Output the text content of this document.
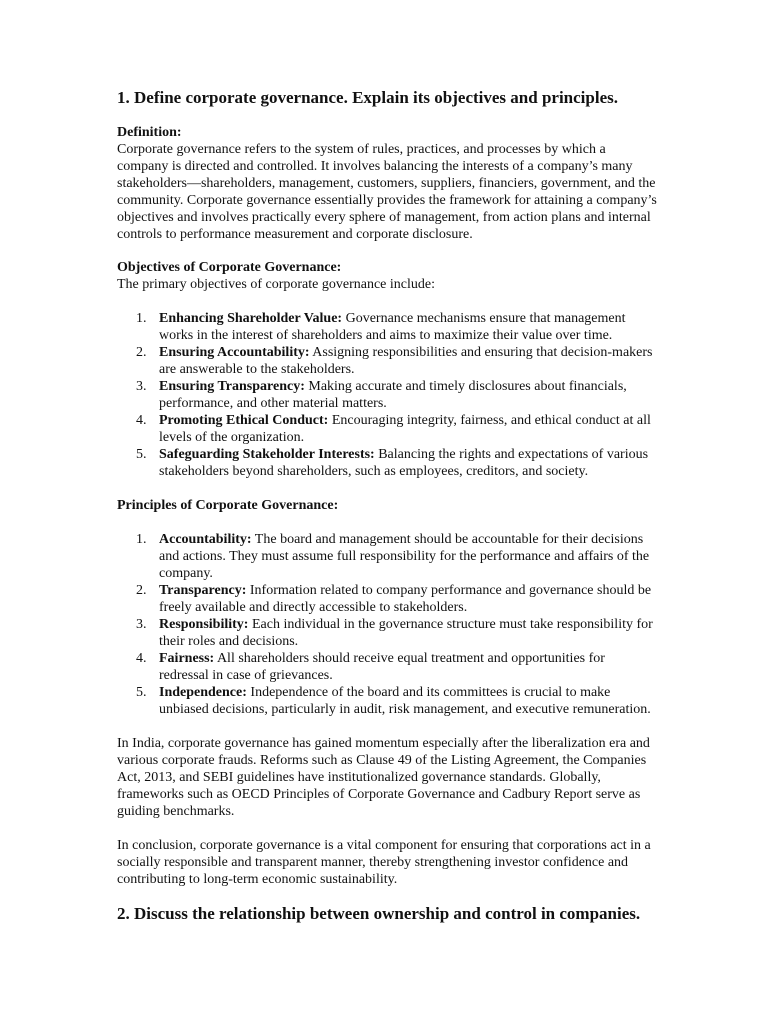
1. Define corporate governance. Explain its objectives and principles.

Definition:

Corporate governance refers to the system of rules, practices, and processes by which a company is directed and controlled. It involves balancing the interests of a company’s many stakeholders—shareholders, management, customers, suppliers, financiers, government, and the community. Corporate governance essentially provides the framework for attaining a company’s objectives and involves practically every sphere of management, from action plans and internal controls to performance measurement and corporate disclosure.

Objectives of Corporate Governance:

The primary objectives of corporate governance include:

1. Enhancing Shareholder Value: Governance mechanisms ensure that management works in the interest of shareholders and aims to maximize their value over time.
2. Ensuring Accountability: Assigning responsibilities and ensuring that decision-makers are answerable to the stakeholders.
3. Ensuring Transparency: Making accurate and timely disclosures about financials, performance, and other material matters.
4. Promoting Ethical Conduct: Encouraging integrity, fairness, and ethical conduct at all levels of the organization.
5. Safeguarding Stakeholder Interests: Balancing the rights and expectations of various stakeholders beyond shareholders, such as employees, creditors, and society.

Principles of Corporate Governance:

1. Accountability: The board and management should be accountable for their decisions and actions. They must assume full responsibility for the performance and affairs of the company.
2. Transparency: Information related to company performance and governance should be freely available and directly accessible to stakeholders.
3. Responsibility: Each individual in the governance structure must take responsibility for their roles and decisions.
4. Fairness: All shareholders should receive equal treatment and opportunities for redressal in case of grievances.
5. Independence: Independence of the board and its committees is crucial to make unbiased decisions, particularly in audit, risk management, and executive remuneration.

In India, corporate governance has gained momentum especially after the liberalization era and various corporate frauds. Reforms such as Clause 49 of the Listing Agreement, the Companies Act, 2013, and SEBI guidelines have institutionalized governance standards. Globally, frameworks such as OECD Principles of Corporate Governance and Cadbury Report serve as guiding benchmarks.

In conclusion, corporate governance is a vital component for ensuring that corporations act in a socially responsible and transparent manner, thereby strengthening investor confidence and contributing to long-term economic sustainability.

2. Discuss the relationship between ownership and control in companies.
